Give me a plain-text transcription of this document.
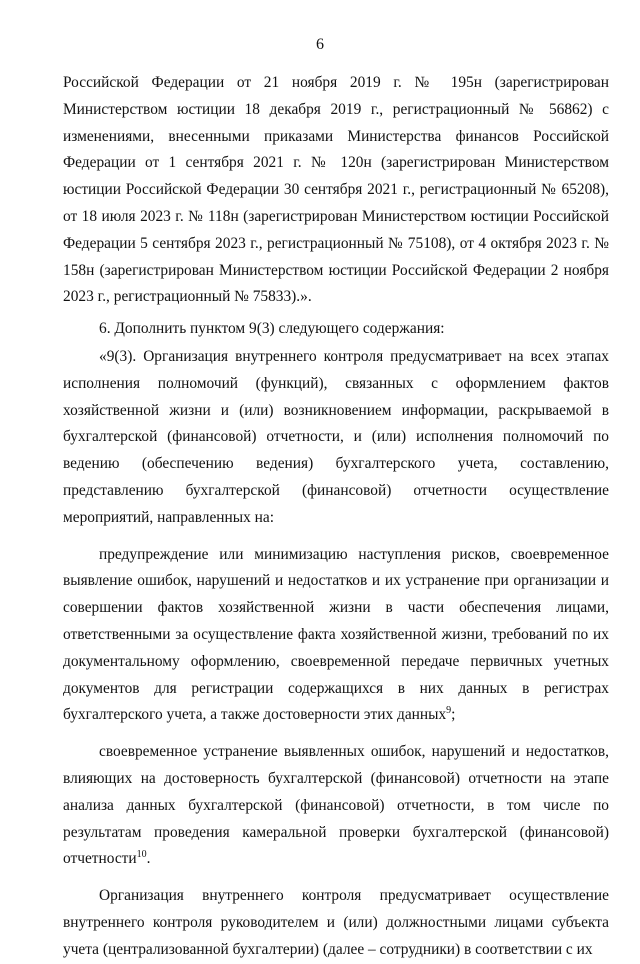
6

Российской Федерации от 21 ноября 2019 г. № 195н (зарегистрирован Министерством юстиции 18 декабря 2019 г., регистрационный № 56862) с изменениями, внесенными приказами Министерства финансов Российской Федерации от 1 сентября 2021 г. № 120н (зарегистрирован Министерством юстиции Российской Федерации 30 сентября 2021 г., регистрационный № 65208), от 18 июля 2023 г. № 118н (зарегистрирован Министерством юстиции Российской Федерации 5 сентября 2023 г., регистрационный № 75108), от 4 октября 2023 г. № 158н (зарегистрирован Министерством юстиции Российской Федерации 2 ноября 2023 г., регистрационный № 75833).».

6. Дополнить пунктом 9(3) следующего содержания:

«9(3). Организация внутреннего контроля предусматривает на всех этапах исполнения полномочий (функций), связанных с оформлением фактов хозяйственной жизни и (или) возникновением информации, раскрываемой в бухгалтерской (финансовой) отчетности, и (или) исполнения полномочий по ведению (обеспечению ведения) бухгалтерского учета, составлению, представлению бухгалтерской (финансовой) отчетности осуществление мероприятий, направленных на:

предупреждение или минимизацию наступления рисков, своевременное выявление ошибок, нарушений и недостатков и их устранение при организации и совершении фактов хозяйственной жизни в части обеспечения лицами, ответственными за осуществление факта хозяйственной жизни, требований по их документальному оформлению, своевременной передаче первичных учетных документов для регистрации содержащихся в них данных в регистрах бухгалтерского учета, а также достоверности этих данных$^9$;

своевременное устранение выявленных ошибок, нарушений и недостатков, влияющих на достоверность бухгалтерской (финансовой) отчетности на этапе анализа данных бухгалтерской (финансовой) отчетности, в том числе по результатам проведения камеральной проверки бухгалтерской (финансовой) отчетности$^{10}$.

Организация внутреннего контроля предусматривает осуществление внутреннего контроля руководителем и (или) должностными лицами субъекта учета (централизованной бухгалтерии) (далее – сотрудники) в соответствии с их
